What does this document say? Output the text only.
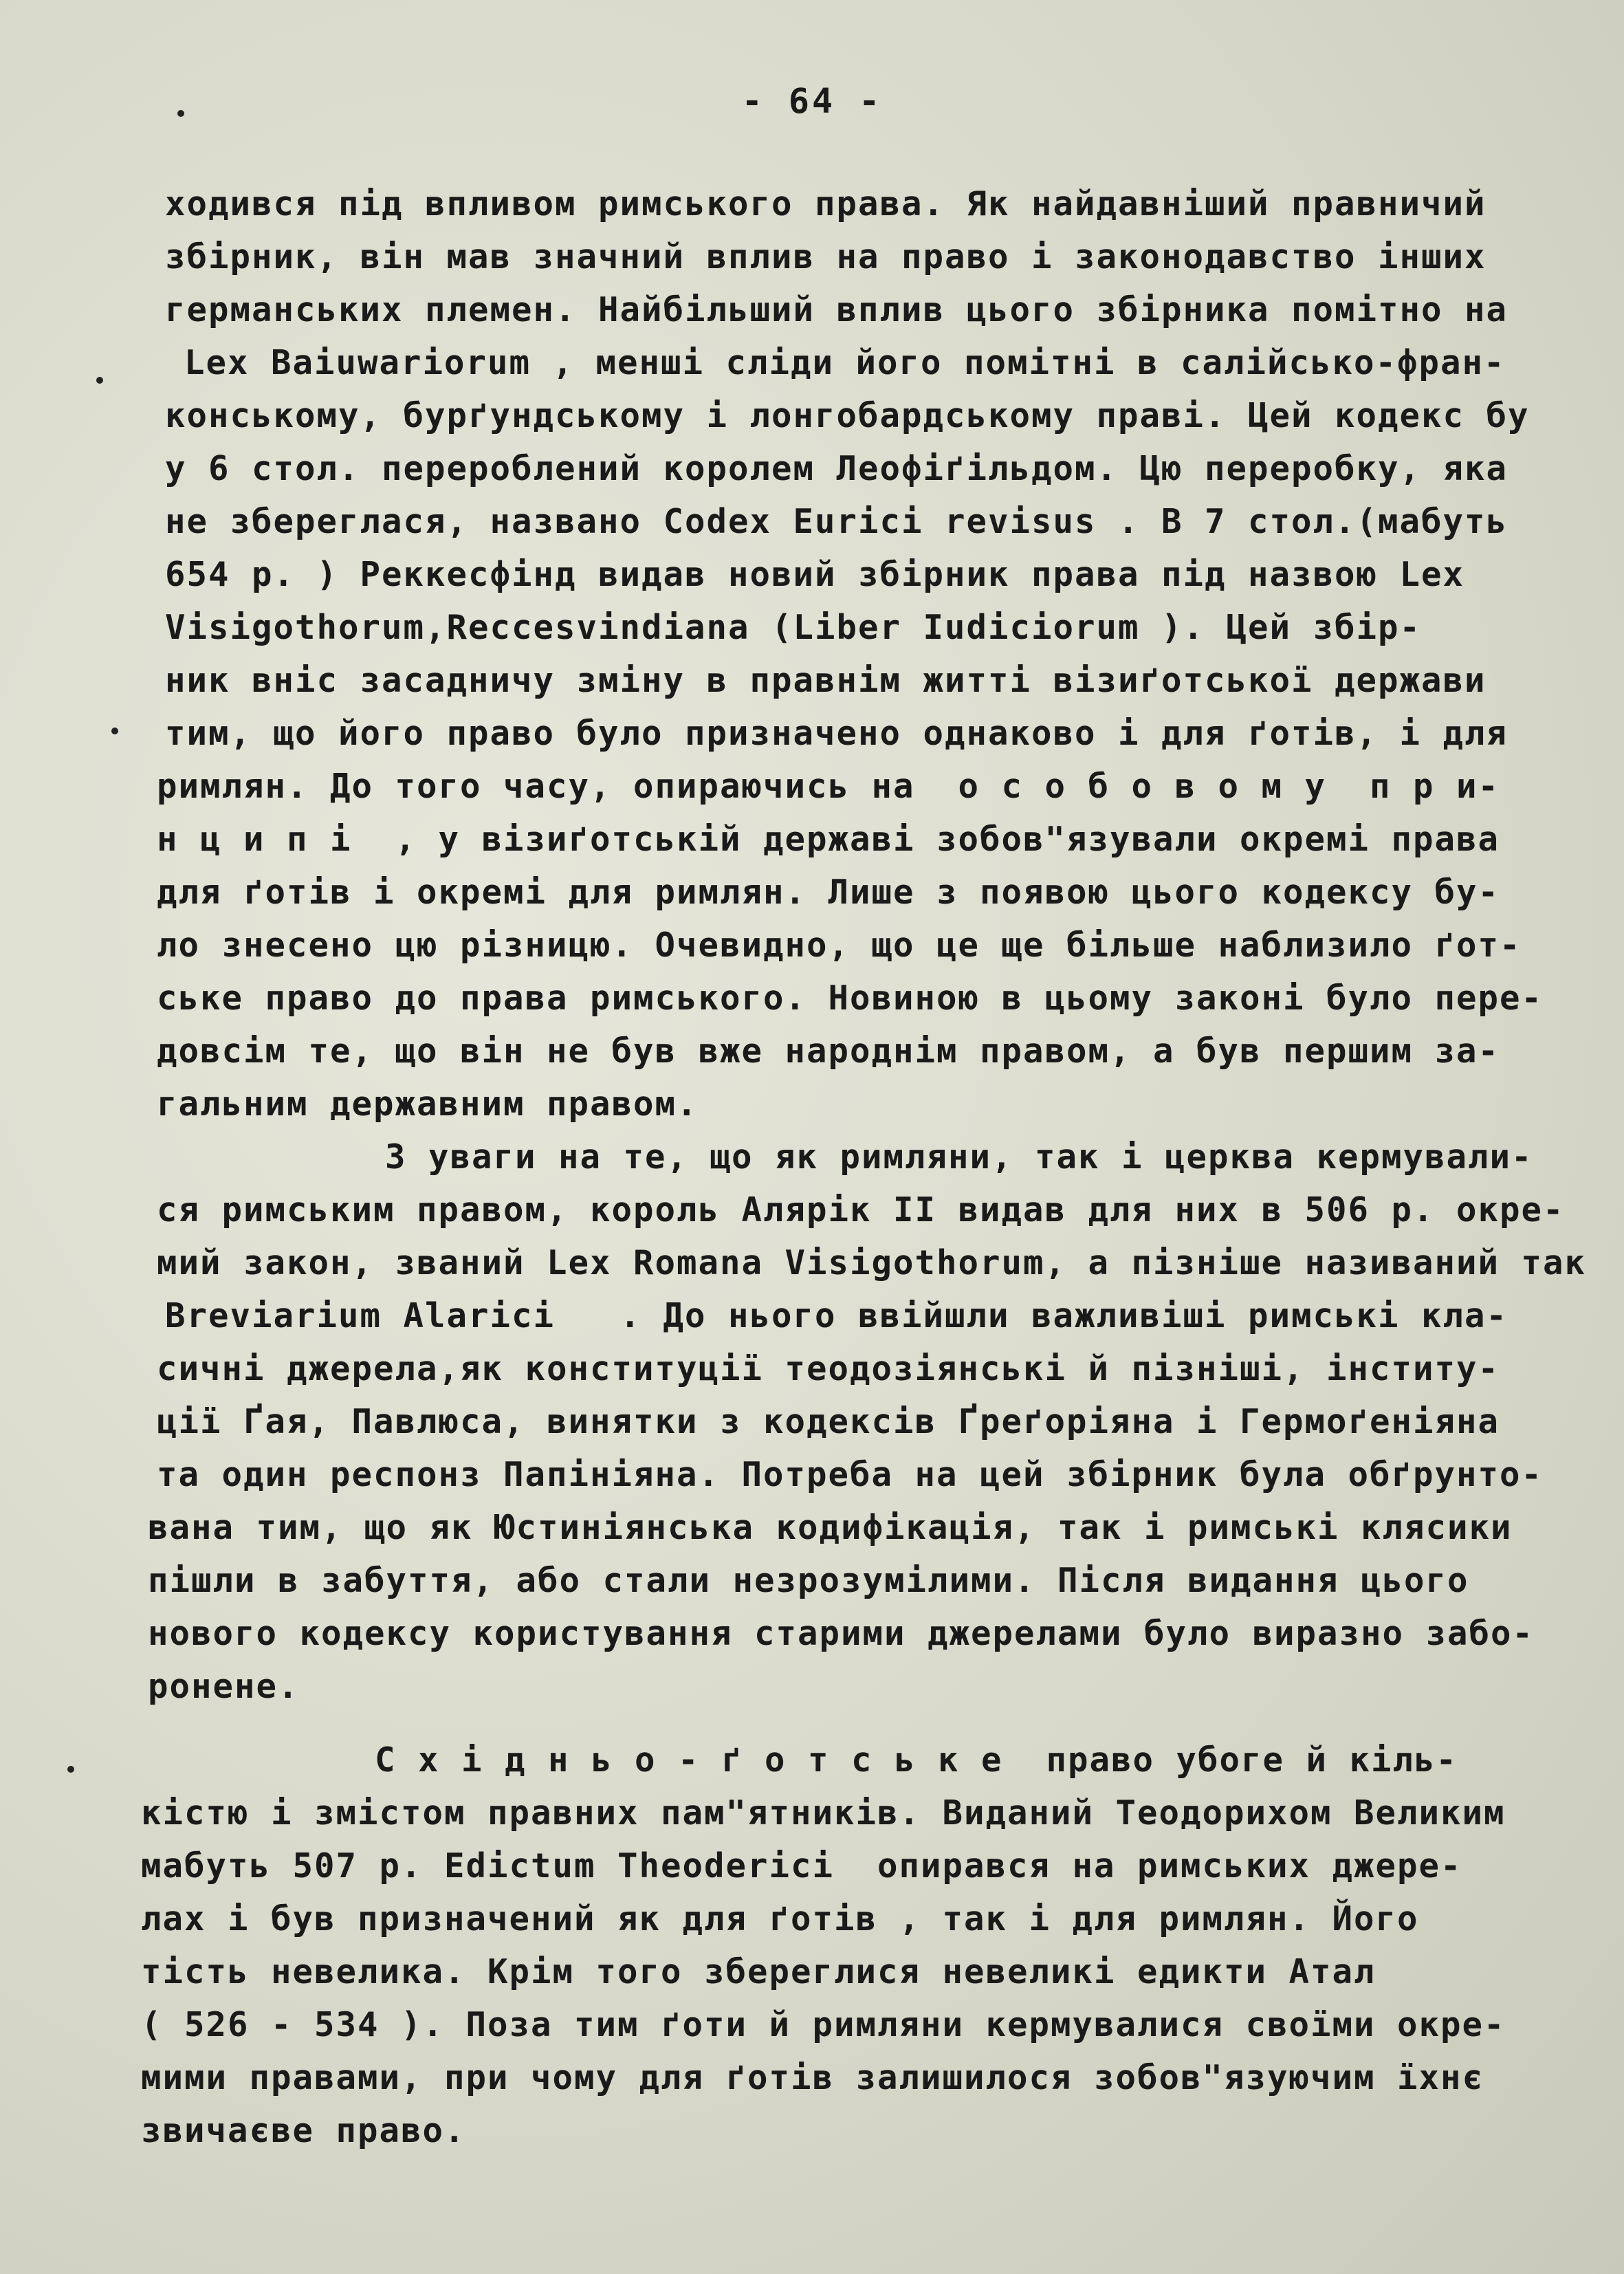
- 64 -
ходився під впливом римського права. Як найдавніший правничий
збірник, він мав значний вплив на право і законодавство інших
германських племен. Найбільший вплив цього збірника помітно на
Lex Baiuwariorum , менші сліди його помітні в салійсько-фран-
конському, бурґундському і лонгобардському праві. Цей кодекс бу
у 6 стол. перероблений королем Леофіґільдом. Цю переробку, яка
не збереглася, названо Codex Eurici revisus . В 7 стол.(мабуть
654 р. ) Реккесфінд видав новий збірник права під назвою Lex
Visigothorum,Reccesvindiana (Liber Iudiciorum ). Цей збір-
ник вніс засадничу зміну в правнім житті візиґотської держави
тим, що його право було призначено однаково і для ґотів, і для
римлян. До того часу, опираючись на  о с о б о в о м у  п р и-
н ц и п і  , у візиґотській державі зобов"язували окремі права
для ґотів і окремі для римлян. Лише з появою цього кодексу бу-
ло знесено цю різницю. Очевидно, що це ще більше наблизило ґот-
ське право до права римського. Новиною в цьому законі було пере-
довсім те, що він не був вже народнім правом, а був першим за-
гальним державним правом.
З уваги на те, що як римляни, так і церква кермували-
ся римським правом, король Алярік II видав для них в 506 р. окре-
мий закон, званий Lex Romana Visigothorum, а пізніше називаний так
Breviarium Alarici   . До нього ввійшли важливіші римські кла-
сичні джерела,як конституції теодозіянські й пізніші, інститу-
ції Ґая, Павлюса, винятки з кодексів Ґреґоріяна і Гермоґеніяна
та один респонз Папініяна. Потреба на цей збірник була обґрунто-
вана тим, що як Юстиніянська кодифікація, так і римські клясики
пішли в забуття, або стали незрозумілими. Після видання цього
нового кодексу користування старими джерелами було виразно забо-
ронене.
С х і д н ь о - ґ о т с ь к е  право убоге й кіль-
кістю і змістом правних пам"ятників. Виданий Теодорихом Великим
мабуть 507 р. Edictum Theoderici  опирався на римських джере-
лах і був призначений як для ґотів , так і для римлян. Його
тість невелика. Крім того збереглися невеликі едикти Атал
( 526 - 534 ). Поза тим ґоти й римляни кермувалися своїми окре-
мими правами, при чому для ґотів залишилося зобов"язуючим їхнє
звичаєве право.
